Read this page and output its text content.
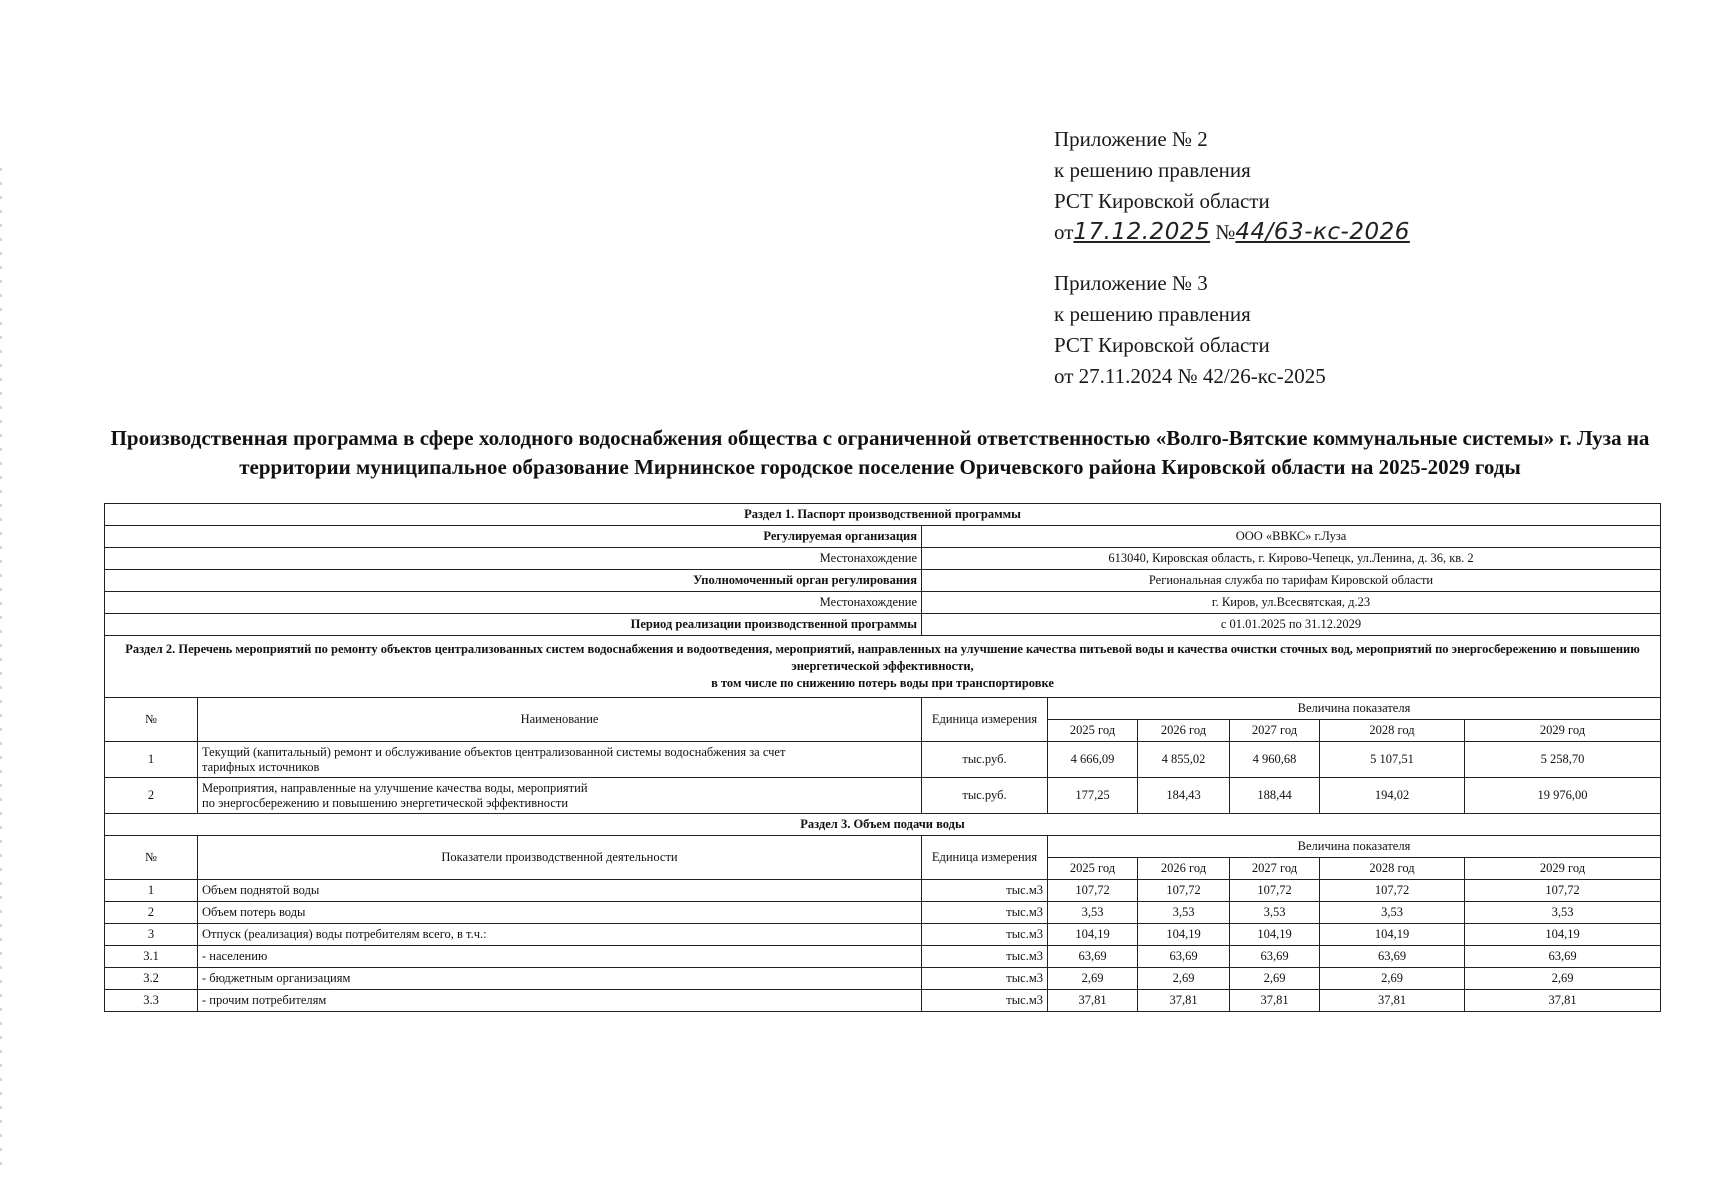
Приложение № 2
к решению правления
РСТ Кировской области
от17.12.2025 №44/63-кс-2026
Приложение № 3
к решению правления
РСТ Кировской области
от 27.11.2024 № 42/26-кс-2025
Производственная программа в сфере холодного водоснабжения общества с ограниченной ответственностью «Волго-Вятские коммунальные системы» г. Луза на территории муниципальное образование Мирнинское городское поселение Оричевского района Кировской области на 2025-2029 годы
Раздел 1. Паспорт производственной программы							
Регулируемая организация		ООО «ВВКС» г.Луза					
Местонахождение		613040, Кировская область, г. Кирово-Чепецк, ул.Ленина, д. 36, кв. 2					
Уполномоченный орган регулирования		Региональная служба по тарифам Кировской области					
Местонахождение		г. Киров, ул.Всесвятская, д.23					
Период реализации производственной программы		с 01.01.2025 по 31.12.2029					

Раздел 2. Перечень мероприятий по ремонту объектов централизованных систем водоснабжения и водоотведения, мероприятий, направленных на улучшение качества питьевой воды и качества очистки сточных вод, мероприятий по энергосбережению и повышению энергетической эффективности,
в том числе по снижению потерь воды при транспортировке							

№	Наименование	Единица измерения	Величина показателя				
			2025 год	2026 год	2027 год	2028 год	2029 год
1	Текущий (капитальный) ремонт и обслуживание объектов централизованной системы водоснабжения за счет
тарифных источников	тыс.руб.	4 666,09	4 855,02	4 960,68	5 107,51	5 258,70
2	Мероприятия, направленные на улучшение качества воды, мероприятий
по энергосбережению и повышению энергетической эффективности	тыс.руб.	177,25	184,43	188,44	194,02	19 976,00
Раздел 3. Объем подачи воды							
№	Показатели производственной деятельности	Единица измерения	Величина показателя				
			2025 год	2026 год	2027 год	2028 год	2029 год
1	Объем поднятой воды	тыс.м3	107,72	107,72	107,72	107,72	107,72
2	Объем потерь воды	тыс.м3	3,53	3,53	3,53	3,53	3,53
3	Отпуск (реализация) воды потребителям всего, в т.ч.:	тыс.м3	104,19	104,19	104,19	104,19	104,19
3.1	- населению	тыс.м3	63,69	63,69	63,69	63,69	63,69
3.2	- бюджетным организациям	тыс.м3	2,69	2,69	2,69	2,69	2,69
3.3	- прочим потребителям	тыс.м3	37,81	37,81	37,81	37,81	37,81
